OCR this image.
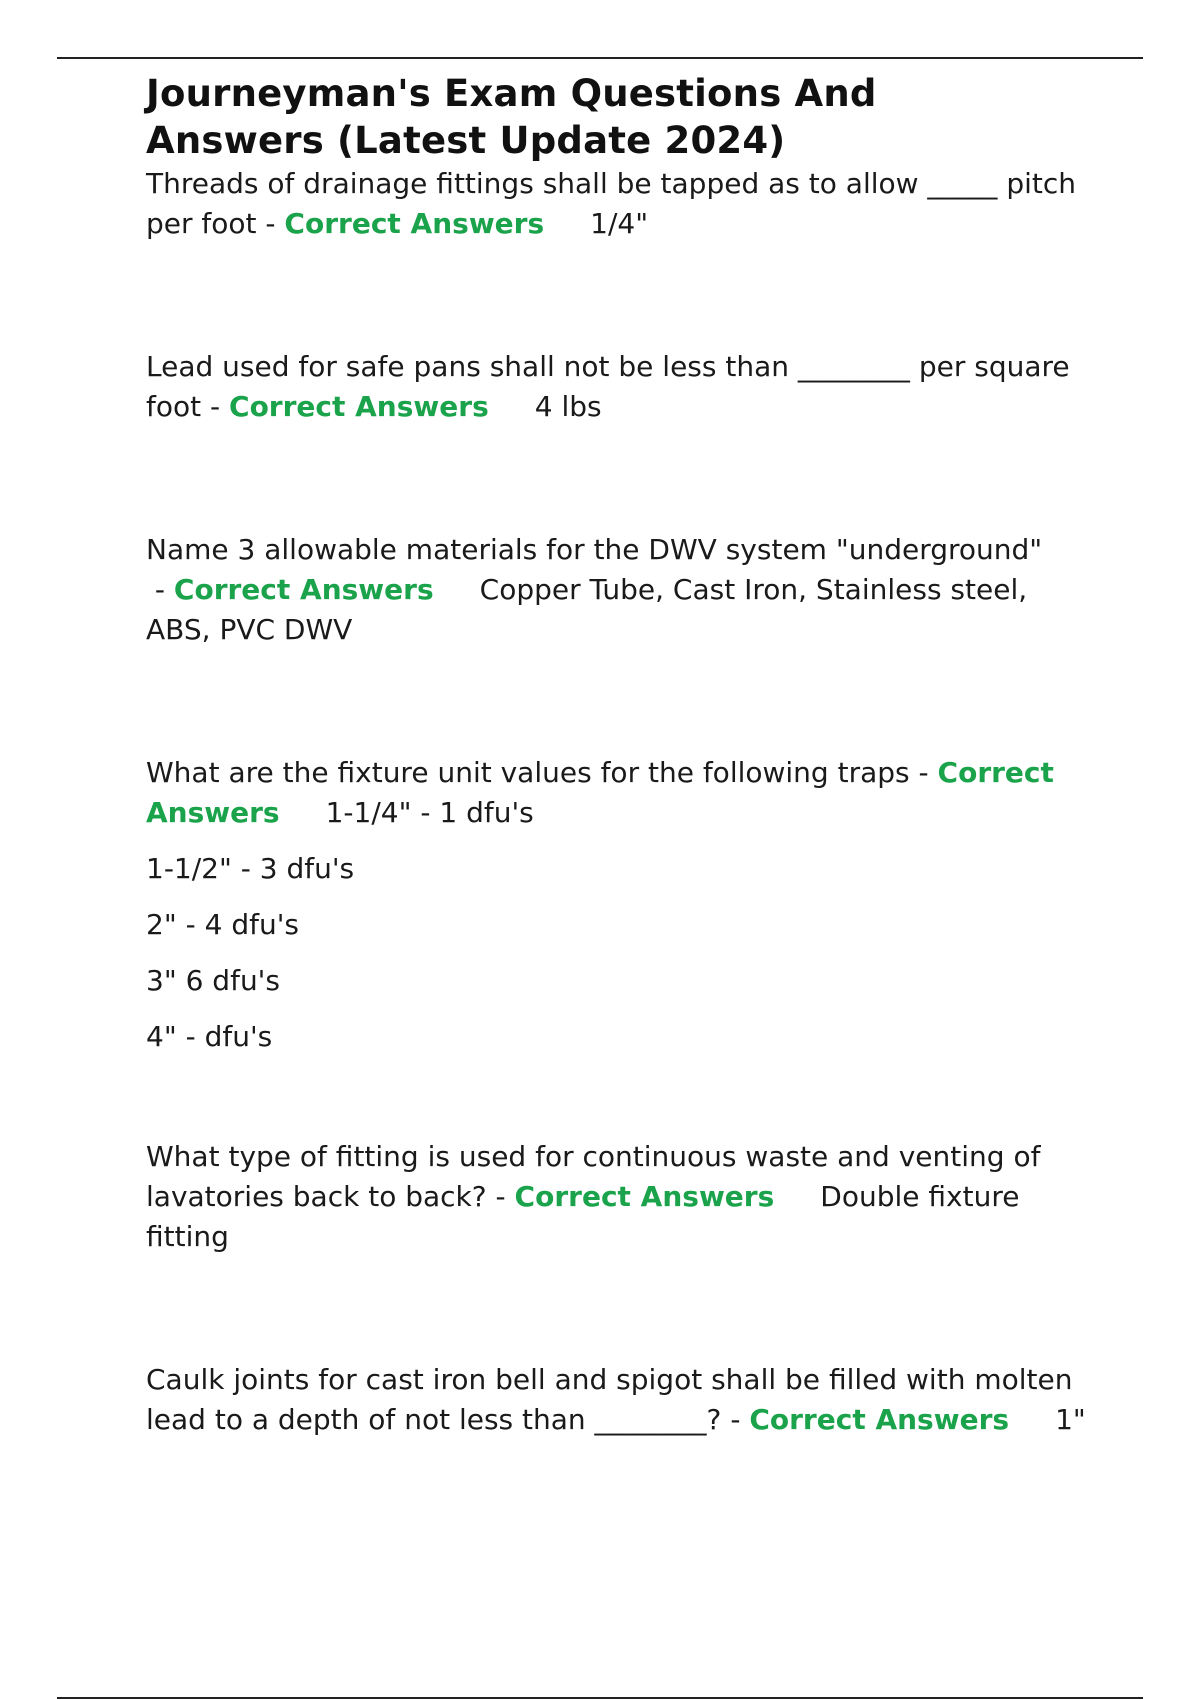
Journeyman's Exam Questions And
Answers (Latest Update 2024)

Threads of drainage fittings shall be tapped as to allow _____ pitch per foot - Correct Answers 1/4"

Lead used for safe pans shall not be less than ________ per square foot - Correct Answers 4 lbs

Name 3 allowable materials for the DWV system "underground" - Correct Answers Copper Tube, Cast Iron, Stainless steel, ABS, PVC DWV

What are the fixture unit values for the following traps - Correct Answers 1-1/4" - 1 dfu's

1-1/2" - 3 dfu's

2" - 4 dfu's

3" 6 dfu's

4" - dfu's

What type of fitting is used for continuous waste and venting of lavatories back to back? - Correct Answers Double fixture fitting

Caulk joints for cast iron bell and spigot shall be filled with molten lead to a depth of not less than ________? - Correct Answers 1"
